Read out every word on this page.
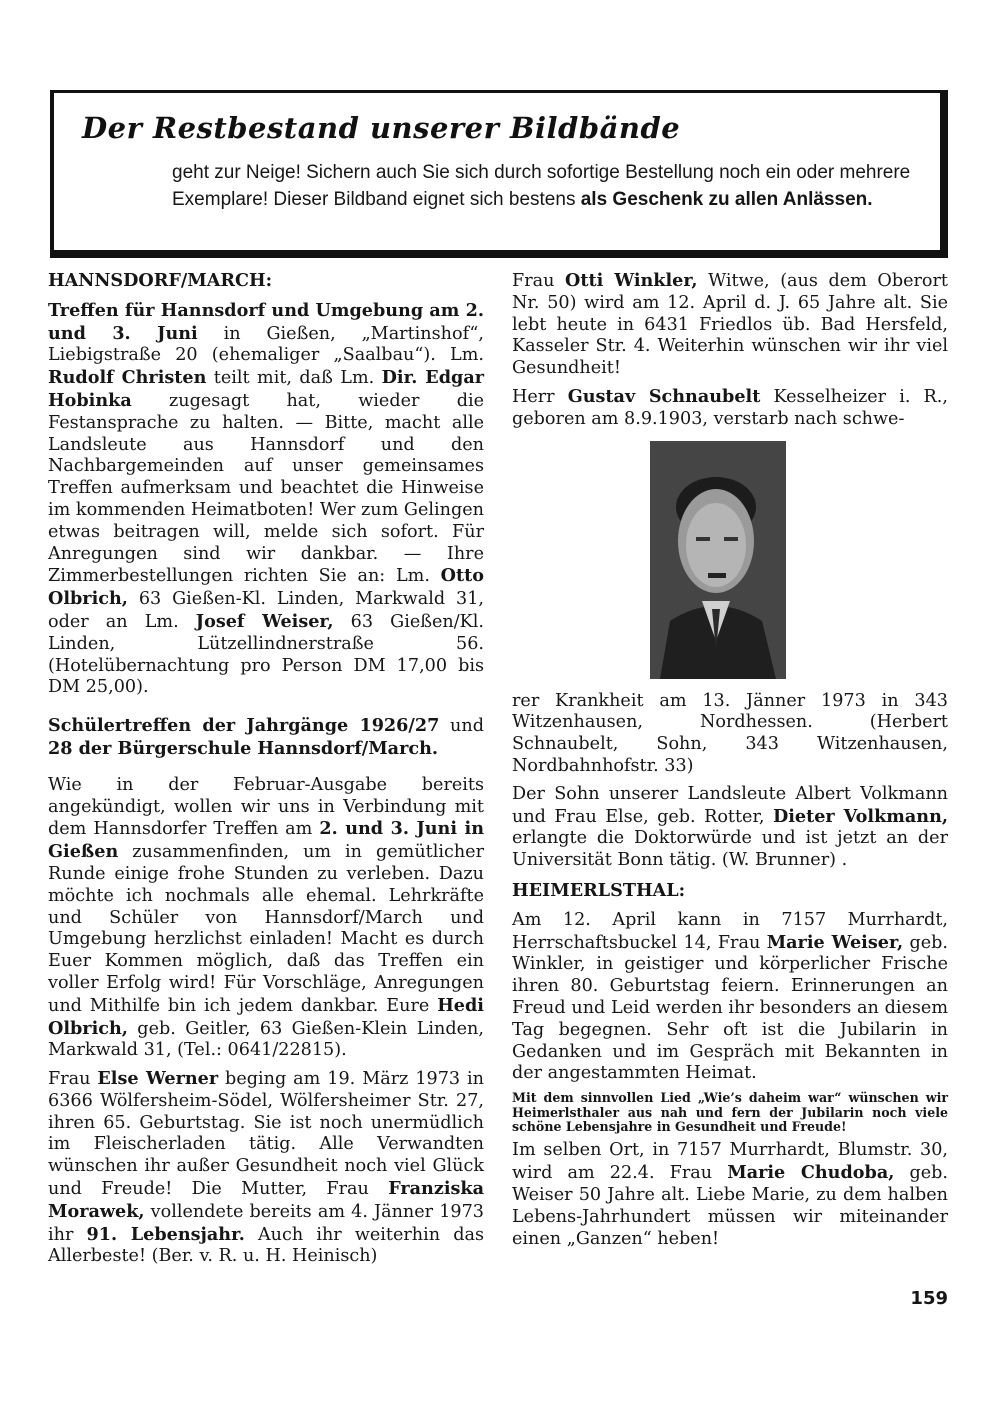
Der Restbestand unserer Bildbände

geht zur Neige! Sichern auch Sie sich durch sofortige Bestellung noch ein oder mehrere Exemplare! Dieser Bildband eignet sich bestens als Geschenk zu allen Anlässen.

HANNSDORF/MARCH:

Treffen für Hannsdorf und Umgebung am 2. und 3. Juni in Gießen, „Martinshof“, Liebigstraße 20 (ehemaliger „Saalbau“). Lm. Rudolf Christen teilt mit, daß Lm. Dir. Edgar Hobinka zugesagt hat, wieder die Festansprache zu halten. — Bitte, macht alle Landsleute aus Hannsdorf und den Nachbargemeinden auf unser gemeinsames Treffen aufmerksam und beachtet die Hinweise im kommenden Heimatboten! Wer zum Gelingen etwas beitragen will, melde sich sofort. Für Anregungen sind wir dankbar. — Ihre Zimmerbestellungen richten Sie an: Lm. Otto Olbrich, 63 Gießen-Kl. Linden, Markwald 31, oder an Lm. Josef Weiser, 63 Gießen/Kl. Linden, Lützellindnerstraße 56. (Hotelübernachtung pro Person DM 17,00 bis DM 25,00).

Schülertreffen der Jahrgänge 1926/27 und 28 der Bürgerschule Hannsdorf/March.

Wie in der Februar-Ausgabe bereits angekündigt, wollen wir uns in Verbindung mit dem Hannsdorfer Treffen am 2. und 3. Juni in Gießen zusammenfinden, um in gemütlicher Runde einige frohe Stunden zu verleben. Dazu möchte ich nochmals alle ehemal. Lehrkräfte und Schüler von Hannsdorf/March und Umgebung herzlichst einladen! Macht es durch Euer Kommen möglich, daß das Treffen ein voller Erfolg wird! Für Vorschläge, Anregungen und Mithilfe bin ich jedem dankbar. Eure Hedi Olbrich, geb. Geitler, 63 Gießen-Klein Linden, Markwald 31, (Tel.: 0641/22815).

Frau Else Werner beging am 19. März 1973 in 6366 Wölfersheim-Södel, Wölfersheimer Str. 27, ihren 65. Geburtstag. Sie ist noch unermüdlich im Fleischerladen tätig. Alle Verwandten wünschen ihr außer Gesundheit noch viel Glück und Freude! Die Mutter, Frau Franziska Morawek, vollendete bereits am 4. Jänner 1973 ihr 91. Lebensjahr. Auch ihr weiterhin das Allerbeste! (Ber. v. R. u. H. Heinisch)

Frau Otti Winkler, Witwe, (aus dem Oberort Nr. 50) wird am 12. April d. J. 65 Jahre alt. Sie lebt heute in 6431 Friedlos üb. Bad Hersfeld, Kasseler Str. 4. Weiterhin wünschen wir ihr viel Gesundheit!

Herr Gustav Schnaubelt Kesselheizer i. R., geboren am 8.9.1903, verstarb nach schwe-

rer Krankheit am 13. Jänner 1973 in 343 Witzenhausen, Nordhessen. (Herbert Schnaubelt, Sohn, 343 Witzenhausen, Nordbahnhofstr. 33)

Der Sohn unserer Landsleute Albert Volkmann und Frau Else, geb. Rotter, Dieter Volkmann, erlangte die Doktorwürde und ist jetzt an der Universität Bonn tätig. (W. Brunner) .

HEIMERLSTHAL:

Am 12. April kann in 7157 Murrhardt, Herrschaftsbuckel 14, Frau Marie Weiser, geb. Winkler, in geistiger und körperlicher Frische ihren 80. Geburtstag feiern. Erinnerungen an Freud und Leid werden ihr besonders an diesem Tag begegnen. Sehr oft ist die Jubilarin in Gedanken und im Gespräch mit Bekannten in der angestammten Heimat.

Mit dem sinnvollen Lied „Wie’s daheim war“ wünschen wir Heimerlsthaler aus nah und fern der Jubilarin noch viele schöne Lebensjahre in Gesundheit und Freude!

Im selben Ort, in 7157 Murrhardt, Blumstr. 30, wird am 22.4. Frau Marie Chudoba, geb. Weiser 50 Jahre alt. Liebe Marie, zu dem halben Lebens-Jahrhundert müssen wir miteinander einen „Ganzen“ heben!

159
